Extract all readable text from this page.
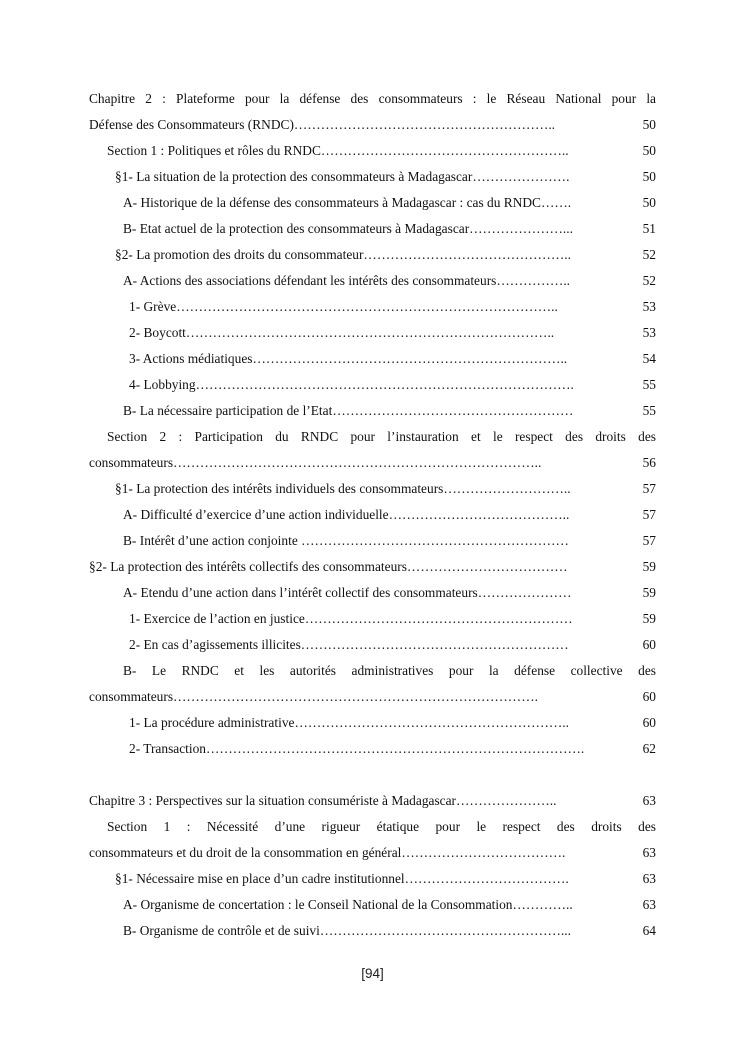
Chapitre 2 : Plateforme pour la défense des consommateurs : le Réseau National pour la
Défense des Consommateurs (RNDC)…………………………………………………..	50
Section 1 : Politiques et rôles du RNDC………………………………………………..	50
§1- La situation de la protection des consommateurs à Madagascar………………….	50
A- Historique de la défense des consommateurs à Madagascar : cas du RNDC…….	50
B- Etat actuel de la protection des consommateurs à Madagascar…………………...	51
§2- La promotion des droits du consommateur………………………………………..	52
A- Actions des associations défendant les intérêts des consommateurs……………..	52
1- Grève…………………………………………………………………………..	53
2- Boycott………………………………………………………………………..	53
3- Actions médiatiques……………………………………………………………..	54
4- Lobbying………………………………………………………………………….	55
B- La nécessaire participation de l’Etat………………………………………………	55
Section 2 : Participation du RNDC pour l’instauration et le respect des droits des
consommateurs………………………………………………………………………..	56
§1- La protection des intérêts individuels des consommateurs………………………..	57
A- Difficulté d’exercice d’une action individuelle…………………………………..	57
B- Intérêt d’une action conjointe ……………………………………………………	57
§2- La protection des intérêts collectifs des consommateurs………………………………	59
A- Etendu d’une action dans l’intérêt collectif des consommateurs…………………	59
1- Exercice de l’action en justice……………………………………………………	59
2- En cas d’agissements illicites……………………………………………………	60
B- Le RNDC et les autorités administratives pour la défense collective des
consommateurs……………………………………………………………………….	60
1- La procédure administrative……………………………………………………..	60
2- Transaction………………………………………………………………………….	62
Chapitre 3 : Perspectives sur la situation consumériste à Madagascar…………………..	63
Section 1 : Nécessité d’une rigueur étatique pour le respect des droits des
consommateurs et du droit de la consommation en général……………………………….	63
§1- Nécessaire mise en place d’un cadre institutionnel……………………………….	63
A- Organisme de concertation : le Conseil National de la Consommation…………..	63
B- Organisme de contrôle et de suivi………………………………………………...	64
[94]
